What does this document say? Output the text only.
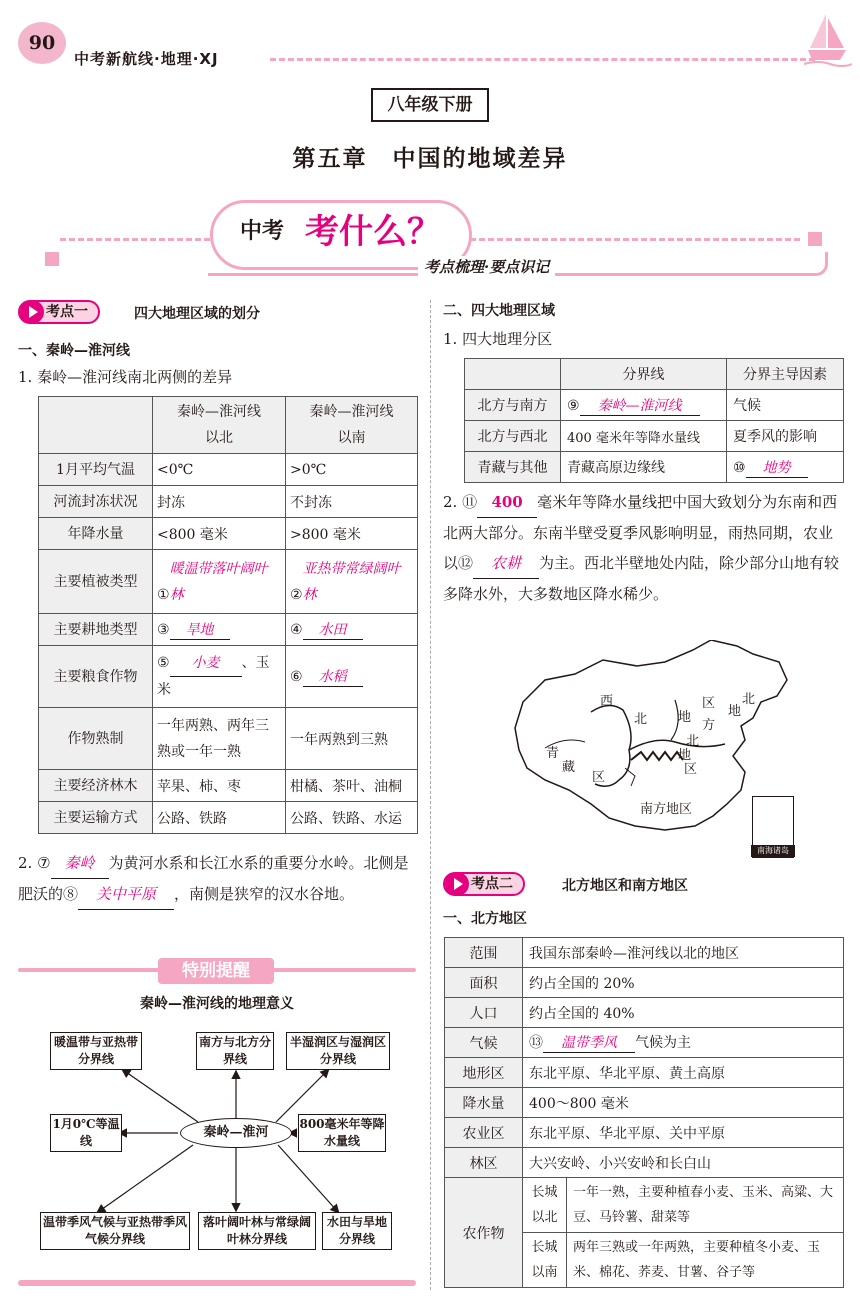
90
中考新航线·地理·XJ
八年级下册
第五章　中国的地域差异
中考 考什么？
考点梳理·要点识记
考点一	四大地理区域的划分
一、秦岭—淮河线
1. 秦岭—淮河线南北两侧的差异

	秦岭—淮河线以北	秦岭—淮河线以南

1月平均气温	<0℃	>0℃
河流封冻状况	封冻	不封冻
年降水量	<800 毫米	>800 毫米
主要植被类型	①暖温带落叶阔叶林	②亚热带常绿阔叶林
主要耕地类型	③ 旱地	④ 水田
主要粮食作物	⑤ 小麦 、玉米	⑥ 水稻
作物熟制	一年两熟、两年三熟或一年一熟	一年两熟到三熟
主要经济林木	苹果、柿、枣	柑橘、茶叶、油桐
主要运输方式	公路、铁路	公路、铁路、水运
2. ⑦ 秦岭 为黄河水系和长江水系的重要分水岭。北侧是肥沃的⑧ 关中平原 ，南侧是狭窄的汉水谷地。
特别提醒
秦岭—淮河线的地理意义
秦岭—淮河
暖温带与亚热带分界线
南方与北方分界线
半湿润区与湿润区分界线
1月0℃等温线
800毫米年等降水量线
温带季风气候与亚热带季风气候分界线
落叶阔叶林与常绿阔叶林分界线
水田与旱地分界线
二、四大地理区域
1. 四大地理分区
	分界线	分界主导因素
北方与南方	⑨ 秦岭—淮河线	气候
北方与西北	400 毫米年等降水量线	夏季风的影响
青藏与其他	青藏高原边缘线	⑩ 地势
2. ⑪ 400 毫米年等降水量线把中国大致划分为东南和西北两大部分。东南半壁受夏季风影响明显，雨热同期，农业以⑫ 农耕 为主。西北半壁地处内陆，除少部分山地有较多降水外，大多数地区降水稀少。
西
北 地
区
北
方
北
地
区
青
藏
地
区
南方地区
南海诸岛
考点二	北方地区和南方地区
一、北方地区
范围	我国东部秦岭—淮河线以北的地区	
面积	约占全国的 20%	
人口	约占全国的 40%	
气候	⑬ 温带季风 气候为主	
地形区	东北平原、华北平原、黄土高原	
降水量	400～800 毫米	
农业区	东北平原、华北平原、关中平原	
林区	大兴安岭、小兴安岭和长白山	
农作物	长城以北	一年一熟，主要种植春小麦、玉米、高粱、大豆、马铃薯、甜菜等
	长城以南	两年三熟或一年两熟，主要种植冬小麦、玉米、棉花、荞麦、甘薯、谷子等
